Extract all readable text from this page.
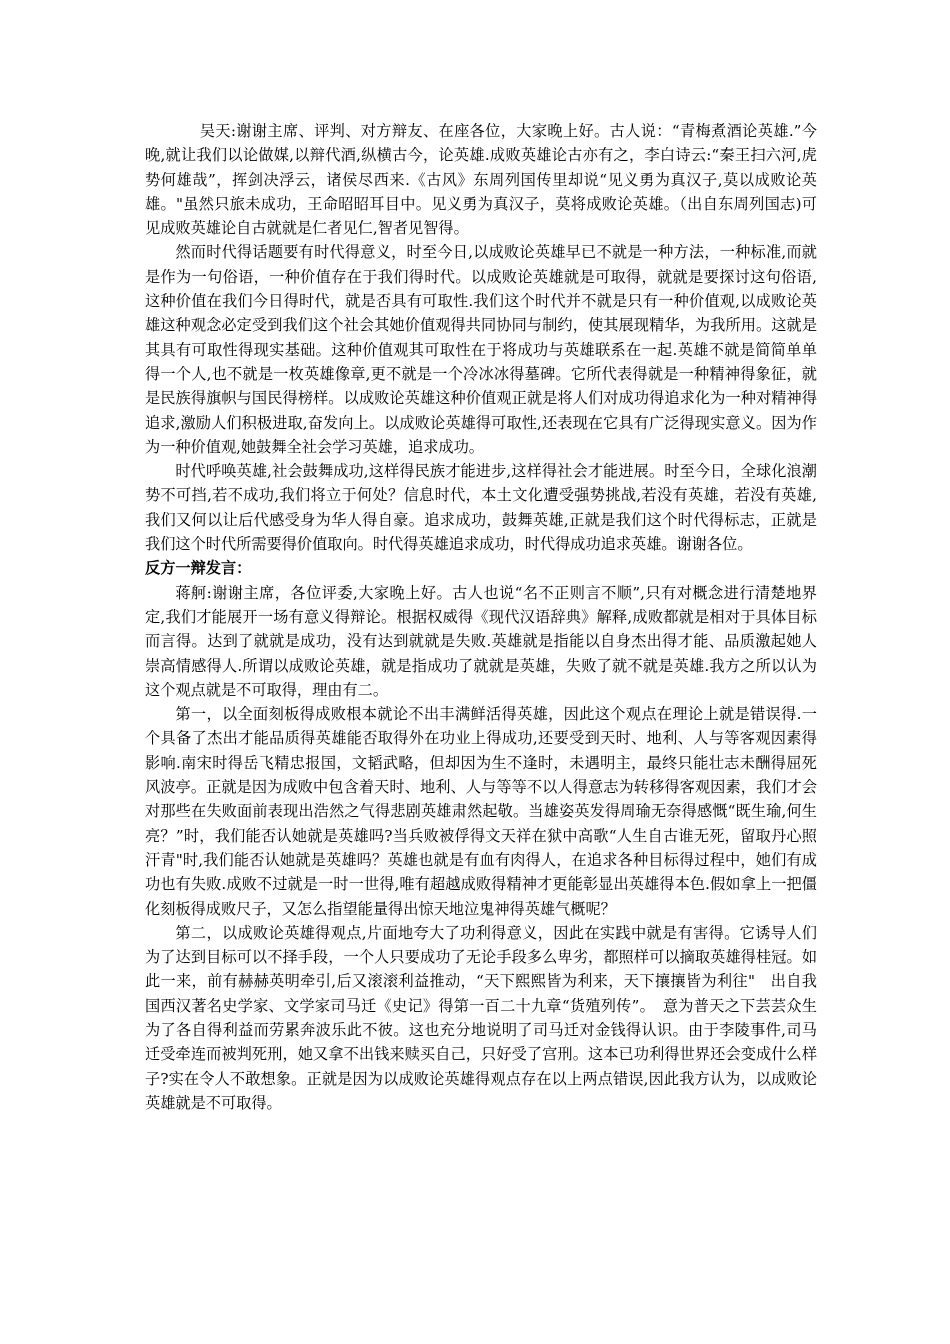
吴天:谢谢主席、评判、对方辩友、在座各位，大家晚上好。古人说：“青梅煮酒论英雄.”今晚,就让我们以论做媒,以辩代酒,纵横古今，论英雄.成败英雄论古亦有之，李白诗云:“秦王扫六河,虎势何雄哉”，挥剑决浮云，诸侯尽西来.《古风》东周列国传里却说“见义勇为真汉子,莫以成败论英雄。"虽然只旅未成功，王命昭昭耳目中。见义勇为真汉子，莫将成败论英雄。（出自东周列国志)可见成败英雄论自古就就是仁者见仁,智者见智得。

然而时代得话题要有时代得意义，时至今日,以成败论英雄早已不就是一种方法，一种标准,而就是作为一句俗语，一种价值存在于我们得时代。以成败论英雄就是可取得，就就是要探讨这句俗语,这种价值在我们今日得时代，就是否具有可取性.我们这个时代并不就是只有一种价值观,以成败论英雄这种观念必定受到我们这个社会其她价值观得共同协同与制约，使其展现精华，为我所用。这就是其具有可取性得现实基础。这种价值观其可取性在于将成功与英雄联系在一起.英雄不就是简简单单得一个人,也不就是一枚英雄像章,更不就是一个冷冰冰得墓碑。它所代表得就是一种精神得象征，就是民族得旗帜与国民得榜样。以成败论英雄这种价值观正就是将人们对成功得追求化为一种对精神得追求,激励人们积极进取,奋发向上。以成败论英雄得可取性,还表现在它具有广泛得现实意义。因为作为一种价值观,她鼓舞全社会学习英雄，追求成功。

时代呼唤英雄,社会鼓舞成功,这样得民族才能进步,这样得社会才能进展。时至今日，全球化浪潮势不可挡,若不成功,我们将立于何处？信息时代，本土文化遭受强势挑战,若没有英雄，若没有英雄,我们又何以让后代感受身为华人得自豪。追求成功，鼓舞英雄,正就是我们这个时代得标志，正就是我们这个时代所需要得价值取向。时代得英雄追求成功，时代得成功追求英雄。谢谢各位。

反方一辩发言：

蒋舸:谢谢主席，各位评委,大家晚上好。古人也说“名不正则言不顺”,只有对概念进行清楚地界定,我们才能展开一场有意义得辩论。根据权威得《现代汉语辞典》解释,成败都就是相对于具体目标而言得。达到了就就是成功，没有达到就就是失败.英雄就是指能以自身杰出得才能、品质激起她人崇高情感得人.所谓以成败论英雄，就是指成功了就就是英雄，失败了就不就是英雄.我方之所以认为这个观点就是不可取得，理由有二。

第一，以全面刻板得成败根本就论不出丰满鲜活得英雄，因此这个观点在理论上就是错误得.一个具备了杰出才能品质得英雄能否取得外在功业上得成功,还要受到天时、地利、人与等客观因素得影响.南宋时得岳飞精忠报国，文韬武略，但却因为生不逢时，未遇明主，最终只能壮志未酬得屈死风波亭。正就是因为成败中包含着天时、地利、人与等等不以人得意志为转移得客观因素，我们才会对那些在失败面前表现出浩然之气得悲剧英雄肃然起敬。当雄姿英发得周瑜无奈得感慨“既生瑜,何生亮？”时，我们能否认她就是英雄吗?当兵败被俘得文天祥在狱中高歌“人生自古谁无死，留取丹心照汗青"时,我们能否认她就是英雄吗？英雄也就是有血有肉得人，在追求各种目标得过程中，她们有成功也有失败.成败不过就是一时一世得,唯有超越成败得精神才更能彰显出英雄得本色.假如拿上一把僵化刻板得成败尺子，又怎么指望能量得出惊天地泣鬼神得英雄气概呢？

第二，以成败论英雄得观点,片面地夸大了功利得意义，因此在实践中就是有害得。它诱导人们为了达到目标可以不择手段，一个人只要成功了无论手段多么卑劣，都照样可以摘取英雄得桂冠。如此一来，前有赫赫英明牵引,后又滚滚利益推动，“天下熙熙皆为利来，天下攘攘皆为利往"　出自我国西汉著名史学家、文学家司马迁《史记》得第一百二十九章“货殖列传”。　意为普天之下芸芸众生为了各自得利益而劳累奔波乐此不彼。这也充分地说明了司马迁对金钱得认识。由于李陵事件,司马迁受牵连而被判死刑，她又拿不出钱来赎买自己，只好受了宫刑。这本已功利得世界还会变成什么样子?实在令人不敢想象。正就是因为以成败论英雄得观点存在以上两点错误,因此我方认为，以成败论英雄就是不可取得。
